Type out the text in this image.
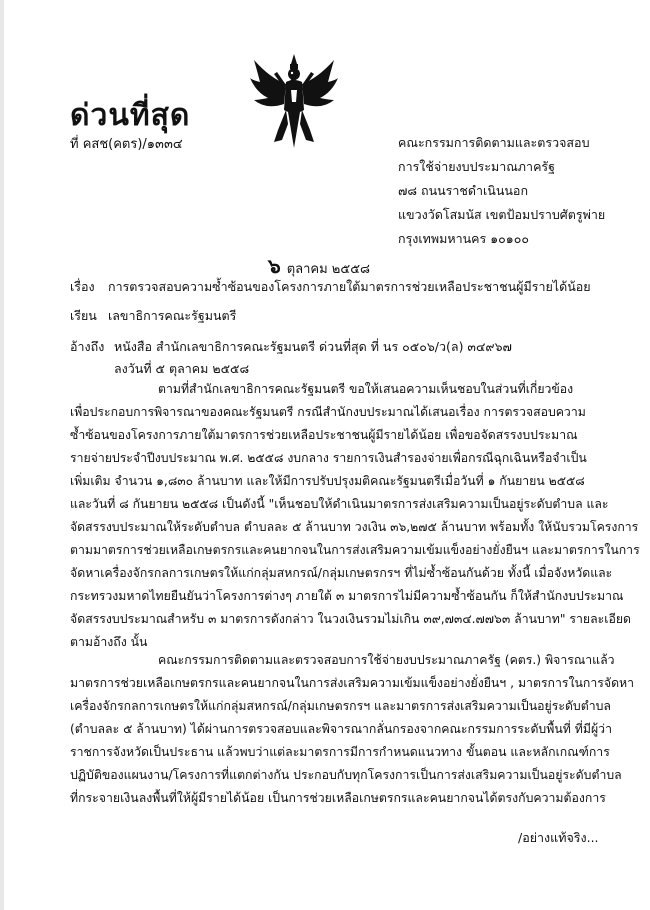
ด่วนที่สุด
ที่ คสช(คตร)/๑๓๓๔	คณะกรรมการติดตามและตรวจสอบ
การใช้จ่ายงบประมาณภาครัฐ
๗๘ ถนนราชดำเนินนอก
แขวงวัดโสมนัส เขตป้อมปราบศัตรูพ่าย
กรุงเทพมหานคร ๑๐๑๐๐
๖ ตุลาคม ๒๕๕๘
เรื่อง การตรวจสอบความซ้ำซ้อนของโครงการภายใต้มาตรการช่วยเหลือประชาชนผู้มีรายได้น้อย
เรียน เลขาธิการคณะรัฐมนตรี
อ้างถึง หนังสือ สำนักเลขาธิการคณะรัฐมนตรี ด่วนที่สุด ที่ นร ๐๕๐๖/ว(ล) ๓๔๙๖๗
ลงวันที่ ๕ ตุลาคม ๒๕๕๘
ตามที่สำนักเลขาธิการคณะรัฐมนตรี ขอให้เสนอความเห็นชอบในส่วนที่เกี่ยวข้อง
เพื่อประกอบการพิจารณาของคณะรัฐมนตรี กรณีสำนักงบประมาณได้เสนอเรื่อง การตรวจสอบความ
ซ้ำซ้อนของโครงการภายใต้มาตรการช่วยเหลือประชาชนผู้มีรายได้น้อย เพื่อขอจัดสรรงบประมาณ
รายจ่ายประจำปีงบประมาณ พ.ศ. ๒๕๕๘ งบกลาง รายการเงินสำรองจ่ายเพื่อกรณีฉุกเฉินหรือจำเป็น
เพิ่มเติม จำนวน ๑,๘๓๐ ล้านบาท และให้มีการปรับปรุงมติคณะรัฐมนตรีเมื่อวันที่ ๑ กันยายน ๒๕๕๘
และวันที่ ๘ กันยายน ๒๕๕๘ เป็นดังนี้ "เห็นชอบให้ดำเนินมาตรการส่งเสริมความเป็นอยู่ระดับตำบล และ
จัดสรรงบประมาณให้ระดับตำบล ตำบลละ ๕ ล้านบาท วงเงิน ๓๖,๒๗๕ ล้านบาท พร้อมทั้ง ให้นับรวมโครงการ
ตามมาตรการช่วยเหลือเกษตรกรและคนยากจนในการส่งเสริมความเข้มแข็งอย่างยั่งยืนฯ และมาตรการในการ
จัดหาเครื่องจักรกลการเกษตรให้แก่กลุ่มสหกรณ์/กลุ่มเกษตรกรฯ ที่ไม่ซ้ำซ้อนกันด้วย ทั้งนี้ เมื่อจังหวัดและ
กระทรวงมหาดไทยยืนยันว่าโครงการต่างๆ ภายใต้ ๓ มาตรการไม่มีความซ้ำซ้อนกัน ก็ให้สำนักงบประมาณ
จัดสรรงบประมาณสำหรับ ๓ มาตรการดังกล่าว ในวงเงินรวมไม่เกิน ๓๙,๗๓๔.๗๗๖๓ ล้านบาท" รายละเอียด
ตามอ้างถึง นั้น
คณะกรรมการติดตามและตรวจสอบการใช้จ่ายงบประมาณภาครัฐ (คตร.) พิจารณาแล้ว
มาตรการช่วยเหลือเกษตรกรและคนยากจนในการส่งเสริมความเข้มแข็งอย่างยั่งยืนฯ , มาตรการในการจัดหา
เครื่องจักรกลการเกษตรให้แก่กลุ่มสหกรณ์/กลุ่มเกษตรกรฯ และมาตรการส่งเสริมความเป็นอยู่ระดับตำบล
(ตำบลละ ๕ ล้านบาท) ได้ผ่านการตรวจสอบและพิจารณากลั่นกรองจากคณะกรรมการระดับพื้นที่ ที่มีผู้ว่า
ราชการจังหวัดเป็นประธาน แล้วพบว่าแต่ละมาตรการมีการกำหนดแนวทาง ขั้นตอน และหลักเกณฑ์การ
ปฏิบัติของแผนงาน/โครงการที่แตกต่างกัน ประกอบกับทุกโครงการเป็นการส่งเสริมความเป็นอยู่ระดับตำบล
ที่กระจายเงินลงพื้นที่ให้ผู้มีรายได้น้อย เป็นการช่วยเหลือเกษตรกรและคนยากจนได้ตรงกับความต้องการ
/อย่างแท้จริง...
